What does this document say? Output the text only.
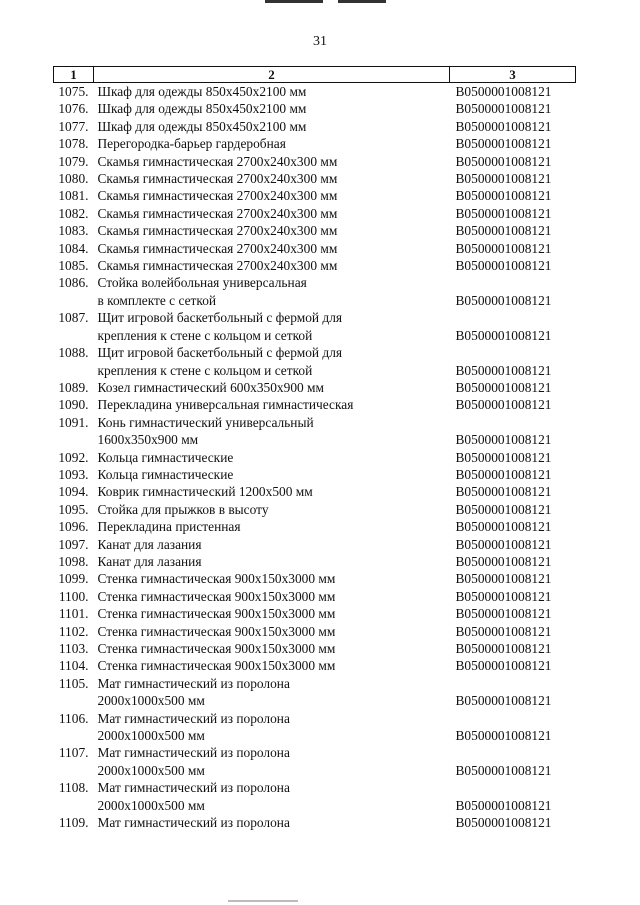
31
1	2	3
1075.	Шкаф для одежды 850х450х2100 мм	B0500001008121
1076.	Шкаф для одежды 850х450х2100 мм	B0500001008121
1077.	Шкаф для одежды 850х450х2100 мм	B0500001008121
1078.	Перегородка-барьер гардеробная	B0500001008121
1079.	Скамья гимнастическая 2700х240х300 мм	B0500001008121
1080.	Скамья гимнастическая 2700х240х300 мм	B0500001008121
1081.	Скамья гимнастическая 2700х240х300 мм	B0500001008121
1082.	Скамья гимнастическая 2700х240х300 мм	B0500001008121
1083.	Скамья гимнастическая 2700х240х300 мм	B0500001008121
1084.	Скамья гимнастическая 2700х240х300 мм	B0500001008121
1085.	Скамья гимнастическая 2700х240х300 мм	B0500001008121
1086.	Стойка волейбольная универсальная
в комплекте с сеткой	B0500001008121
1087.	Щит игровой баскетбольный с фермой для
крепления к стене с кольцом и сеткой	B0500001008121
1088.	Щит игровой баскетбольный с фермой для
крепления к стене с кольцом и сеткой	B0500001008121
1089.	Козел гимнастический 600х350х900 мм	B0500001008121
1090.	Перекладина универсальная гимнастическая	B0500001008121
1091.	Конь гимнастический универсальный
1600х350х900 мм	B0500001008121
1092.	Кольца гимнастические	B0500001008121
1093.	Кольца гимнастические	B0500001008121
1094.	Коврик гимнастический 1200х500 мм	B0500001008121
1095.	Стойка для прыжков в высоту	B0500001008121
1096.	Перекладина пристенная	B0500001008121
1097.	Канат для лазания	B0500001008121
1098.	Канат для лазания	B0500001008121
1099.	Стенка гимнастическая 900х150х3000 мм	B0500001008121
1100.	Стенка гимнастическая 900х150х3000 мм	B0500001008121
1101.	Стенка гимнастическая 900х150х3000 мм	B0500001008121
1102.	Стенка гимнастическая 900х150х3000 мм	B0500001008121
1103.	Стенка гимнастическая 900х150х3000 мм	B0500001008121
1104.	Стенка гимнастическая 900х150х3000 мм	B0500001008121
1105.	Мат гимнастический из поролона
2000х1000х500 мм	B0500001008121
1106.	Мат гимнастический из поролона
2000х1000х500 мм	B0500001008121
1107.	Мат гимнастический из поролона
2000х1000х500 мм	B0500001008121
1108.	Мат гимнастический из поролона
2000х1000х500 мм	B0500001008121
1109.	Мат гимнастический из поролона	B0500001008121
